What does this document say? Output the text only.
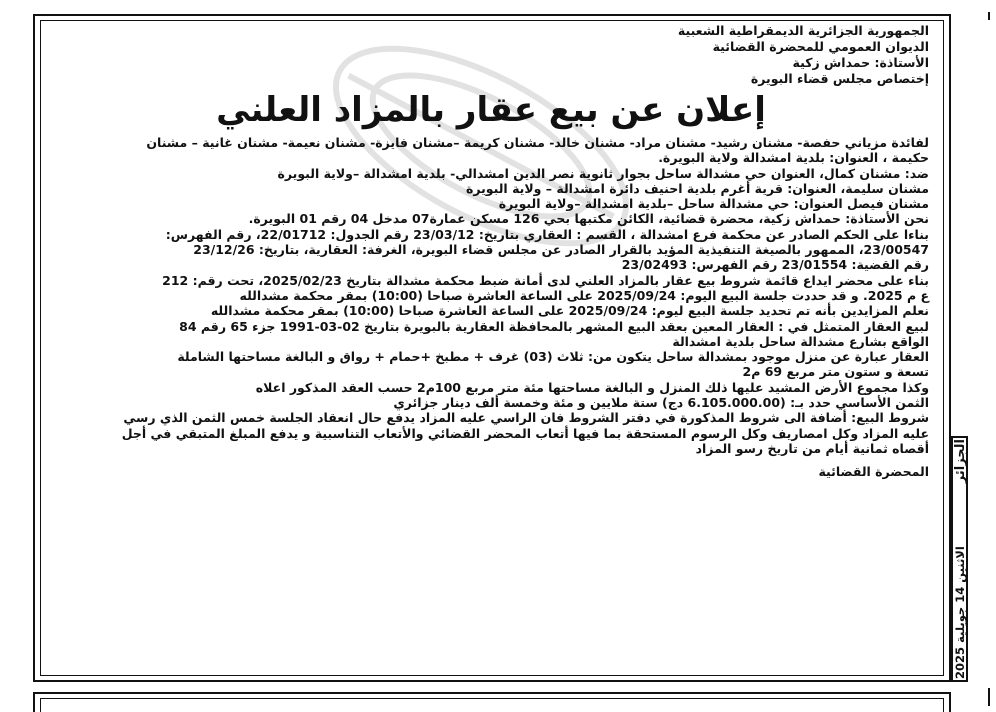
الجمهورية الجزائرية الديمقراطية الشعبية
الديوان العمومي للمحضرة القضائية
الأستاذة: حمداش زكية
إختصاص مجلس قضاء البويرة
إعلان عن بيع عقار بالمزاد العلني

لفائدة مزياني حفصة- مشنان رشيد- مشنان مراد- مشنان خالد- مشنان كريمة –مشنان فايزة- مشنان نعيمة- مشنان غانية – مشنان

حكيمة ، العنوان: بلدية امشدالة ولاية البويرة.

ضد: مشنان كمال، العنوان حي مشدالة ساحل بجوار ثانوية نصر الدين امشدالي- بلدية امشدالة –ولاية البويرة

مشنان سليمة، العنوان: قرية أغرم بلدية احنيف دائرة امشدالة – ولاية البويرة

مشنان فيصل العنوان: حي مشدالة ساحل –بلدية امشدالة –ولاية البويرة

نحن الأستاذة: حمداش زكية، محضرة قضائية، الكائن مكتبها بحي 126 مسكن عمارة07 مدخل 04 رقم 01 البويرة.

بناءا على الحكم الصادر عن محكمة فرع امشدالة ، القسم : العقاري بتاريخ: 23/03/12 رقم الجدول: 22/01712، رقم الفهرس:

23/00547، الممهور بالصيغة التنفيذية المؤيد بالقرار الصادر عن مجلس قضاء البويرة، الغرفة: العقارية، بتاريخ: 23/12/26

رقم القضية: 23/01554 رقم الفهرس: 23/02493

بناء على محضر ايداع قائمة شروط بيع عقار بالمزاد العلني لدى أمانة ضبط محكمة مشدالة بتاريخ 2025/02/23، تحت رقم: 212

ع م 2025. و قد حددت جلسة البيع اليوم: 2025/09/24 على الساعة العاشرة صباحا (10:00) بمقر محكمة مشدالله

نعلم المزايدين بأنه تم تحديد جلسة البيع ليوم: 2025/09/24 على الساعة العاشرة صباحا (10:00) بمقر محكمة مشدالله

لبيع العقار المتمثل في : العقار المعين بعقد البيع المشهر بالمحافظة العقارية بالبويرة بتاريخ 02-03-1991 جزء 65 رقم 84

الواقع بشارع مشدالة ساحل بلدية امشدالة

العقار عبارة عن منزل موجود بمشدالة ساحل يتكون من: ثلاث (03) غرف + مطبخ +حمام + رواق و البالغة مساحتها الشاملة

تسعة و ستون متر مربع 69 م2

وكذا مجموع الأرض المشيد عليها ذلك المنزل و البالغة مساحتها مئة متر مربع 100م2 حسب العقد المذكور اعلاه

الثمن الأساسي حدد بـ: (6.105.000.00 دج) ستة ملايين و مئة وخمسة ألف دينار جزائري

شروط البيع: أضافة الى شروط المذكورة في دفتر الشروط فان الراسي عليه المزاد يدفع حال انعقاد الجلسة خمس الثمن الذي رسي

عليه المزاد وكل امصاريف وكل الرسوم المستحقة بما فيها أتعاب المحضر القضائي والأتعاب التناسبية و يدفع المبلغ المتبقي في أجل

أقصاه ثمانية أيام من تاريخ رسو المزاد

المحضرة القضائية الجزائر
الاثنين 14 جويلية 2025
